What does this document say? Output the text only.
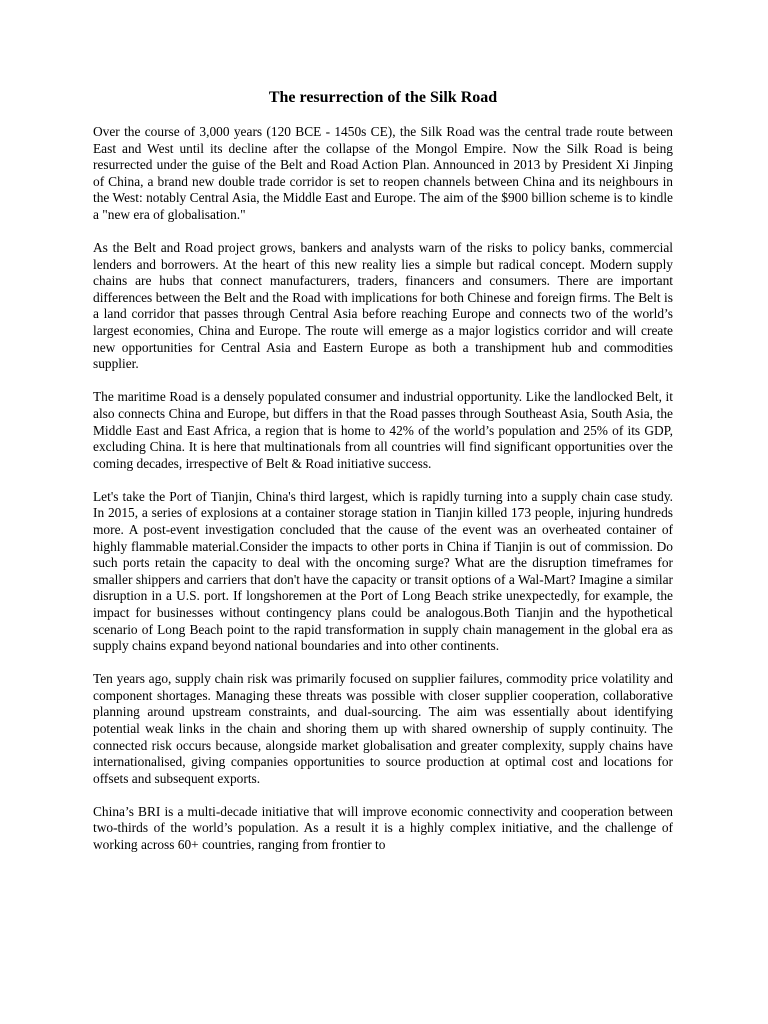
The resurrection of the Silk Road

Over the course of 3,000 years (120 BCE - 1450s CE), the Silk Road was the central trade route between East and West until its decline after the collapse of the Mongol Empire. Now the Silk Road is being resurrected under the guise of the Belt and Road Action Plan. Announced in 2013 by President Xi Jinping of China, a brand new double trade corridor is set to reopen channels between China and its neighbours in the West: notably Central Asia, the Middle East and Europe. The aim of the $900 billion scheme is to kindle a "new era of globalisation."

As the Belt and Road project grows, bankers and analysts warn of the risks to policy banks, commercial lenders and borrowers. At the heart of this new reality lies a simple but radical concept. Modern supply chains are hubs that connect manufacturers, traders, financers and consumers. There are important differences between the Belt and the Road with implications for both Chinese and foreign firms. The Belt is a land corridor that passes through Central Asia before reaching Europe and connects two of the world’s largest economies, China and Europe. The route will emerge as a major logistics corridor and will create new opportunities for Central Asia and Eastern Europe as both a transhipment hub and commodities supplier.

The maritime Road is a densely populated consumer and industrial opportunity. Like the landlocked Belt, it also connects China and Europe, but differs in that the Road passes through Southeast Asia, South Asia, the Middle East and East Africa, a region that is home to 42% of the world’s population and 25% of its GDP, excluding China. It is here that multinationals from all countries will find significant opportunities over the coming decades, irrespective of Belt & Road initiative success.

Let's take the Port of Tianjin, China's third largest, which is rapidly turning into a supply chain case study. In 2015, a series of explosions at a container storage station in Tianjin killed 173 people, injuring hundreds more. A post-event investigation concluded that the cause of the event was an overheated container of highly flammable material.Consider the impacts to other ports in China if Tianjin is out of commission. Do such ports retain the capacity to deal with the oncoming surge? What are the disruption timeframes for smaller shippers and carriers that don't have the capacity or transit options of a Wal-Mart? Imagine a similar disruption in a U.S. port. If longshoremen at the Port of Long Beach strike unexpectedly, for example, the impact for businesses without contingency plans could be analogous.Both Tianjin and the hypothetical scenario of Long Beach point to the rapid transformation in supply chain management in the global era as supply chains expand beyond national boundaries and into other continents.

Ten years ago, supply chain risk was primarily focused on supplier failures, commodity price volatility and component shortages. Managing these threats was possible with closer supplier cooperation, collaborative planning around upstream constraints, and dual-sourcing. The aim was essentially about identifying potential weak links in the chain and shoring them up with shared ownership of supply continuity. The connected risk occurs because, alongside market globalisation and greater complexity, supply chains have internationalised, giving companies opportunities to source production at optimal cost and locations for offsets and subsequent exports.

China’s BRI is a multi-decade initiative that will improve economic connectivity and cooperation between two-thirds of the world’s population. As a result it is a highly complex initiative, and the challenge of working across 60+ countries, ranging from frontier to
